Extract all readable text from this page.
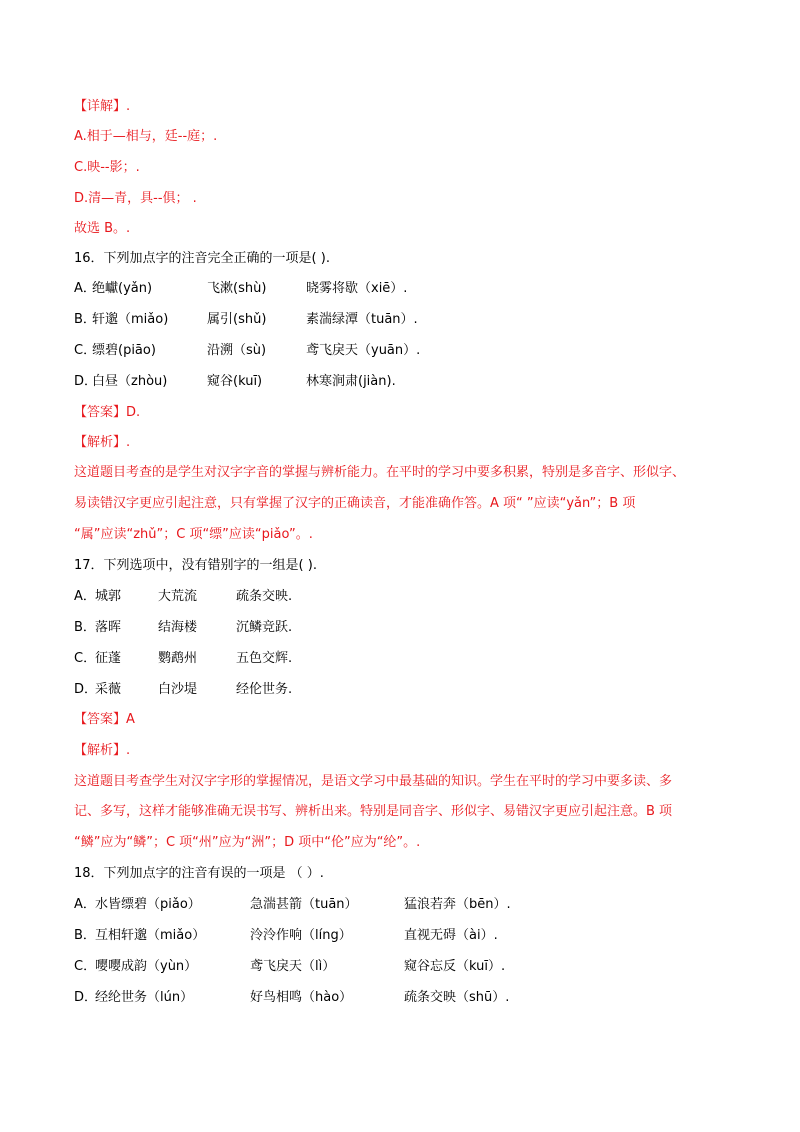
【详解】.
A.相于—相与，廷--庭；.
C.映--影；.
D.清—青，具--俱； .
故选 B。.
16．下列加点字的注音完全正确的一项是( ).
A．
绝巘(yǎn)	飞漱(shù)	晓雾将歇（xiē）.
B．
轩邈（miǎo)	属引(shǔ)	素湍绿潭（tuān）.
C．
缥碧(piāo)	沿溯（sù)	鸢飞戾天（yuān）.
D．
白昼（zhòu)	窥谷(kuī)	林寒涧肃(jiàn).
【答案】D.
【解析】.
这道题目考查的是学生对汉字字音的掌握与辨析能力。在平时的学习中要多积累，特别是多音字、形似字、
易读错汉字更应引起注意，只有掌握了汉字的正确读音，才能准确作答。A 项“ ”应读“yǎn”；B 项
“属”应读“zhǔ”；C 项“缥”应读“piǎo”。.
17．下列选项中，没有错别字的一组是( ).
A． 城郭	大荒流	疏条交映.
B． 落晖	结海楼	沉鳞竞跃.
C．
征蓬	鹦鹉州	五色交辉.
D．
采薇	白沙堤	经伦世务.
【答案】A
【解析】.
这道题目考查学生对汉字字形的掌握情况，是语文学习中最基础的知识。学生在平时的学习中要多读、多
记、多写，这样才能够准确无误书写、辨析出来。特别是同音字、形似字、易错汉字更应引起注意。B 项
“鳞”应为“鳞”；C 项“州”应为“洲”；D 项中“伦”应为“纶”。.
18．下列加点字的注音有误的一项是 （ ）.
A． 水皆缥碧（piǎo）	急湍甚箭（tuān）	猛浪若奔（bēn）.
B． 互相轩邈（miǎo）	泠泠作响（líng）	直视无碍（ài）.
C．
嘤嘤成韵（yùn）	鸢飞戾天（lì）	窥谷忘反（kuī）.
D．
经纶世务（lún）	好鸟相鸣（hào）	疏条交映（shū）.
